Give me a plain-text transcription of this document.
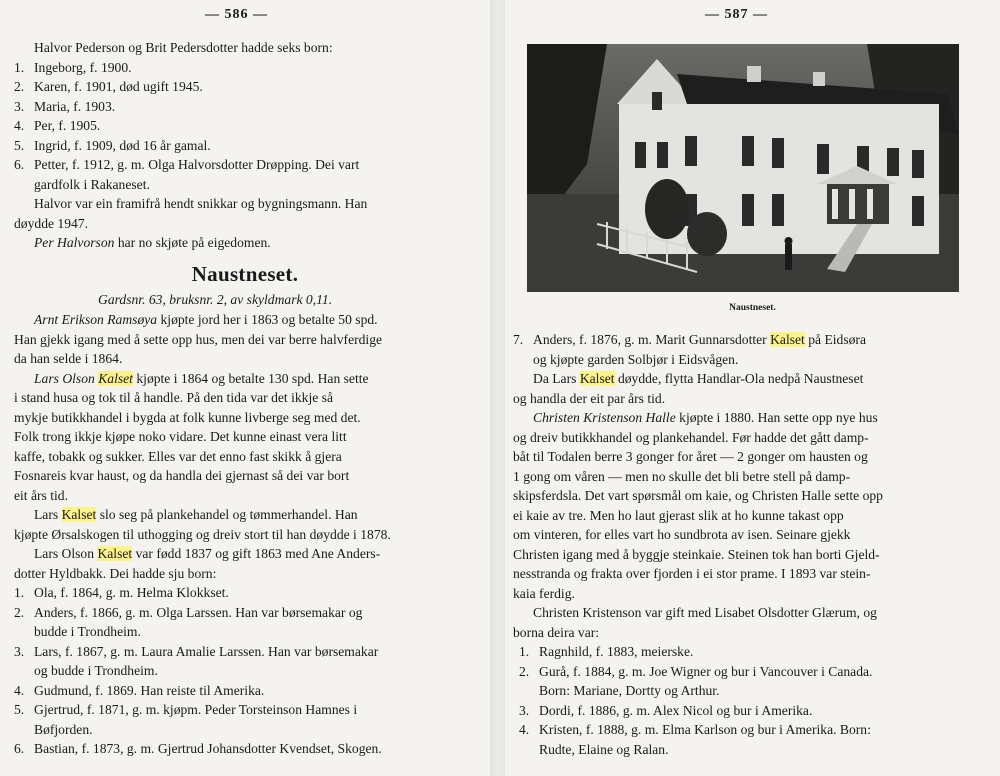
— 586 —
Halvor Pederson og Brit Pedersdotter hadde seks born:
1. Ingeborg, f. 1900.
2. Karen, f. 1901, død ugift 1945.
3. Maria, f. 1903.
4. Per, f. 1905.
5. Ingrid, f. 1909, død 16 år gamal.
6. Petter, f. 1912, g. m. Olga Halvorsdotter Drøpping. Dei vart
gardfolk i Rakaneset.
Halvor var ein framifrå hendt snikkar og bygningsmann. Han
døydde 1947.
Per Halvorson har no skjøte på eigedomen.
Naustneset.
Gardsnr. 63, bruksnr. 2, av skyldmark 0,11.
Arnt Erikson Ramsøya kjøpte jord her i 1863 og betalte 50 spd.
Han gjekk igang med å sette opp hus, men dei var berre halvferdige
da han selde i 1864.
Lars Olson Kalset kjøpte i 1864 og betalte 130 spd. Han sette
i stand husa og tok til å handle. På den tida var det ikkje så
mykje butikkhandel i bygda at folk kunne livberge seg med det.
Folk trong ikkje kjøpe noko vidare. Det kunne einast vera litt
kaffe, tobakk og sukker. Elles var det enno fast skikk å gjera
Fosnareis kvar haust, og da handla dei gjernast så dei var bort
eit års tid.
Lars Kalset slo seg på plankehandel og tømmerhandel. Han
kjøpte Ørsalskogen til uthogging og dreiv stort til han døydde i 1878.
Lars Olson Kalset var fødd 1837 og gift 1863 med Ane Anders-
dotter Hyldbakk. Dei hadde sju born:
1. Ola, f. 1864, g. m. Helma Klokkset.
2. Anders, f. 1866, g. m. Olga Larssen. Han var børsemakar og
budde i Trondheim.
3. Lars, f. 1867, g. m. Laura Amalie Larssen. Han var børsemakar
og budde i Trondheim.
4. Gudmund, f. 1869. Han reiste til Amerika.
5. Gjertrud, f. 1871, g. m. kjøpm. Peder Torsteinson Hamnes i
Bøfjorden.
6. Bastian, f. 1873, g. m. Gjertrud Johansdotter Kvendset, Skogen.
— 587 —
Naustneset.
7. Anders, f. 1876, g. m. Marit Gunnarsdotter Kalset på Eidsøra
og kjøpte garden Solbjør i Eidsvågen.
Da Lars Kalset døydde, flytta Handlar-Ola nedpå Naustneset
og handla der eit par års tid.
Christen Kristenson Halle kjøpte i 1880. Han sette opp nye hus
og dreiv butikkhandel og plankehandel. Før hadde det gått damp-
båt til Todalen berre 3 gonger for året — 2 gonger om hausten og
1 gong om våren — men no skulle det bli betre stell på damp-
skipsferdsla. Det vart spørsmål om kaie, og Christen Halle sette opp
ei kaie av tre. Men ho laut gjerast slik at ho kunne takast opp
om vinteren, for elles vart ho sundbrota av isen. Seinare gjekk
Christen igang med å byggje steinkaie. Steinen tok han borti Gjeld-
nesstranda og frakta over fjorden i ei stor prame. I 1893 var stein-
kaia ferdig.
Christen Kristenson var gift med Lisabet Olsdotter Glærum, og
borna deira var:
1. Ragnhild, f. 1883, meierske.
2. Gurå, f. 1884, g. m. Joe Wigner og bur i Vancouver i Canada.
Born: Mariane, Dortty og Arthur.
3. Dordi, f. 1886, g. m. Alex Nicol og bur i Amerika.
4. Kristen, f. 1888, g. m. Elma Karlson og bur i Amerika. Born:
Rudte, Elaine og Ralan.
